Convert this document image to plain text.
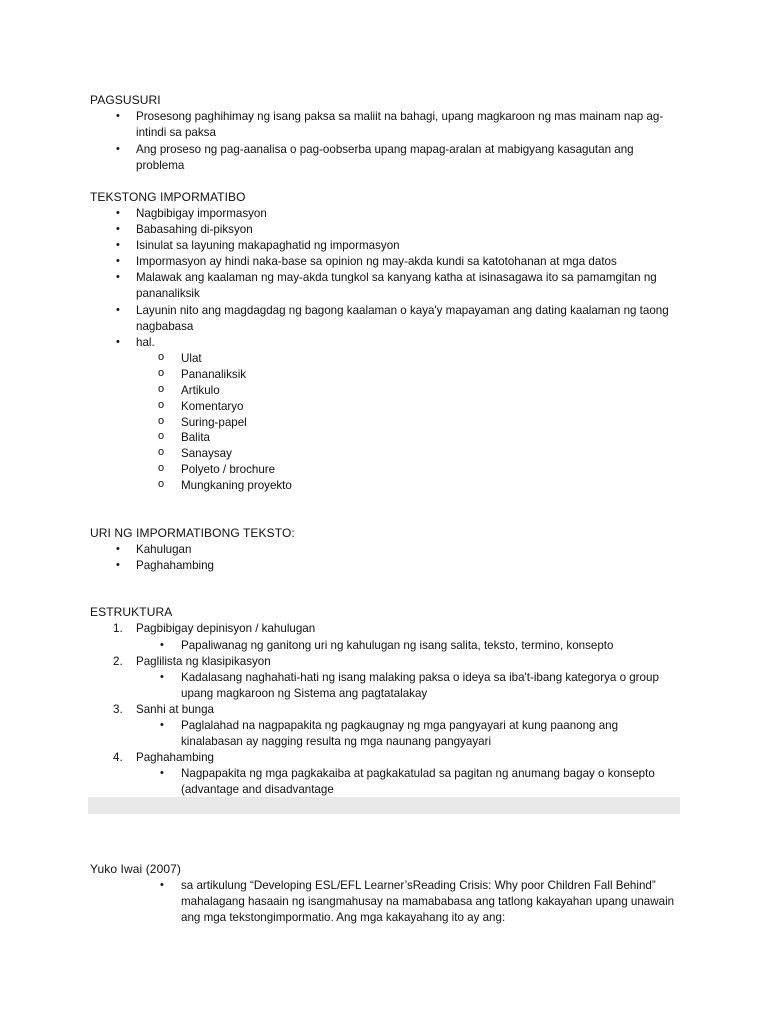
PAGSUSURI
• Prosesong paghihimay ng isang paksa sa maliit na bahagi, upang magkaroon ng mas mainam nap ag-
intindi sa paksa
• Ang proseso ng pag-aanalisa o pag-oobserba upang mapag-aralan at mabigyang kasagutan ang
problema
TEKSTONG IMPORMATIBO
• Nagbibigay impormasyon
• Babasahing di-piksyon
• Isinulat sa layuning makapaghatid ng impormasyon
• Impormasyon ay hindi naka-base sa opinion ng may-akda kundi sa katotohanan at mga datos
• Malawak ang kaalaman ng may-akda tungkol sa kanyang katha at isinasagawa ito sa pamamgitan ng
pananaliksik
• Layunin nito ang magdagdag ng bagong kaalaman o kaya'y mapayaman ang dating kaalaman ng taong
nagbabasa
• hal.
o Ulat
o Pananaliksik
o Artikulo
o Komentaryo
o Suring-papel
o Balita
o Sanaysay
o Polyeto / brochure
o Mungkaning proyekto
URI NG IMPORMATIBONG TEKSTO:
• Kahulugan
• Paghahambing
ESTRUKTURA
1. Pagbibigay depinisyon / kahulugan
• Papaliwanag ng ganitong uri ng kahulugan ng isang salita, teksto, termino, konsepto
2. Paglilista ng klasipikasyon
• Kadalasang naghahati-hati ng isang malaking paksa o ideya sa iba't-ibang kategorya o group
upang magkaroon ng Sistema ang pagtatalakay
3. Sanhi at bunga
• Paglalahad na nagpapakita ng pagkaugnay ng mga pangyayari at kung paanong ang
kinalabasan ay nagging resulta ng mga naunang pangyayari
4. Paghahambing
• Nagpapakita ng mga pagkakaiba at pagkakatulad sa pagitan ng anumang bagay o konsepto
(advantage and disadvantage
Yuko Iwai (2007)
• sa artikulung “Developing ESL/EFL Learner’sReading Crisis: Why poor Children Fall Behind”
mahalagang hasaain ng isangmahusay na mamababasa ang tatlong kakayahan upang unawain
ang mga tekstongimpormatio. Ang mga kakayahang ito ay ang:
